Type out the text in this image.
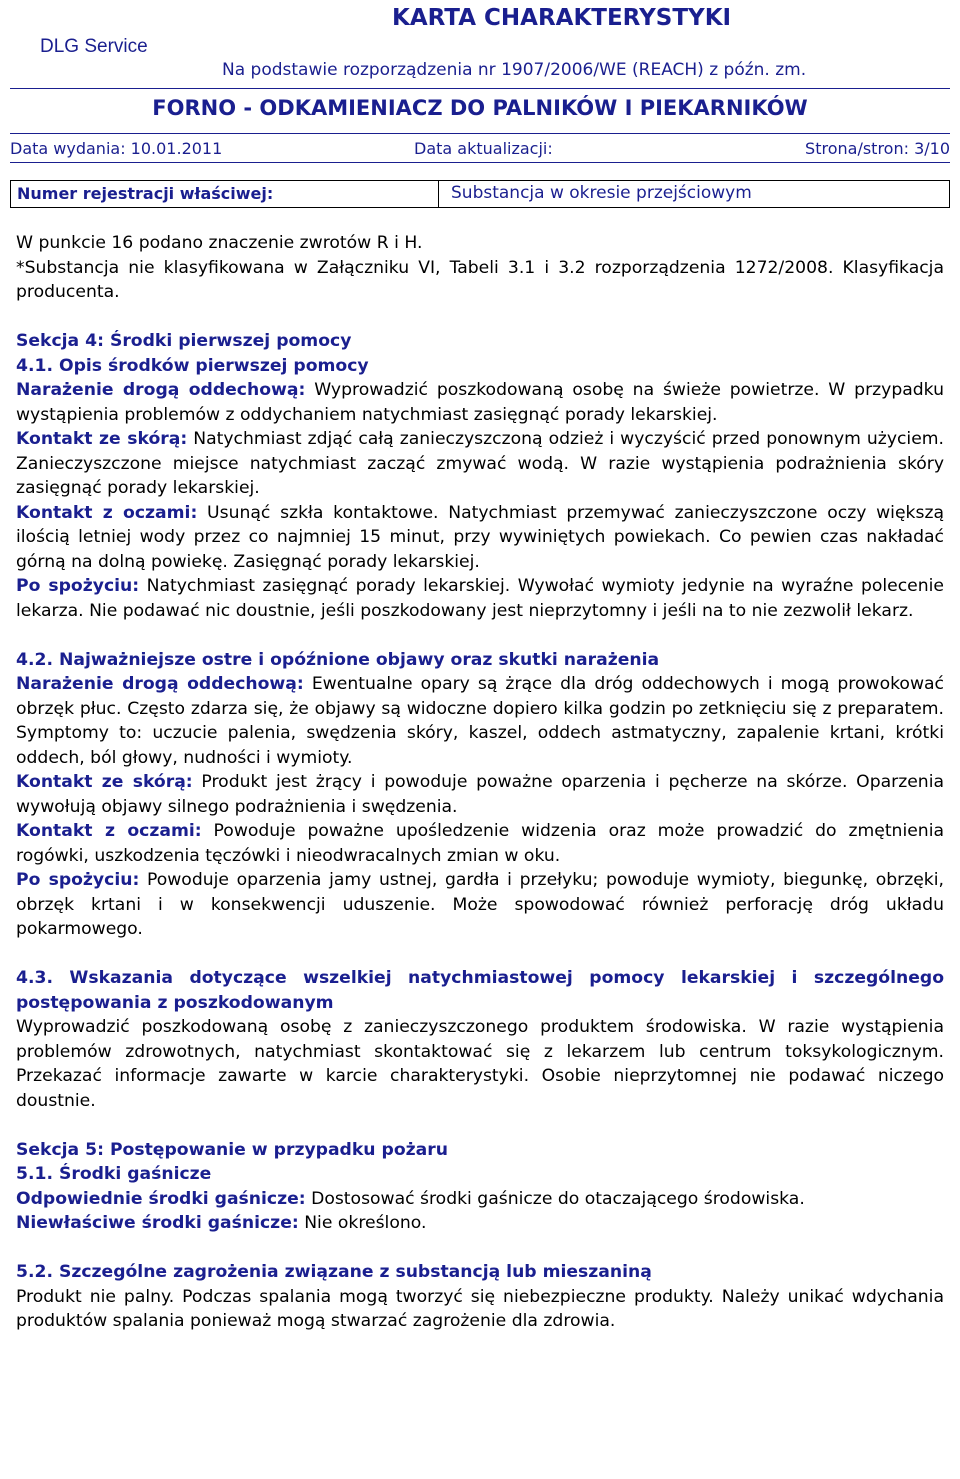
DLG Service
KARTA CHARAKTERYSTYKI
Na podstawie rozporządzenia nr 1907/2006/WE (REACH) z późn. zm.
FORNO - ODKAMIENIACZ DO PALNIKÓW I PIEKARNIKÓW
Data wydania: 10.01.2011	Data aktualizacji:	Strona/stron: 3/10
Numer rejestracji właściwej:	Substancja w okresie przejściowym

W punkcie 16 podano znaczenie zwrotów R i H.

*Substancja nie klasyfikowana w Załączniku VI, Tabeli 3.1 i 3.2 rozporządzenia 1272/2008. Klasyfikacja producenta.

Sekcja 4: Środki pierwszej pomocy

4.1. Opis środków pierwszej pomocy

Narażenie drogą oddechową: Wyprowadzić poszkodowaną osobę na świeże powietrze. W przypadku wystąpienia problemów z oddychaniem natychmiast zasięgnąć porady lekarskiej.

Kontakt ze skórą: Natychmiast zdjąć całą zanieczyszczoną odzież i wyczyścić przed ponownym użyciem. Zanieczyszczone miejsce natychmiast zacząć zmywać wodą. W razie wystąpienia podrażnienia skóry zasięgnąć porady lekarskiej.

Kontakt z oczami: Usunąć szkła kontaktowe. Natychmiast przemywać zanieczyszczone oczy większą ilością letniej wody przez co najmniej 15 minut, przy wywiniętych powiekach. Co pewien czas nakładać górną na dolną powiekę. Zasięgnąć porady lekarskiej.

Po spożyciu: Natychmiast zasięgnąć porady lekarskiej. Wywołać wymioty jedynie na wyraźne polecenie lekarza. Nie podawać nic doustnie, jeśli poszkodowany jest nieprzytomny i jeśli na to nie zezwolił lekarz.

4.2. Najważniejsze ostre i opóźnione objawy oraz skutki narażenia

Narażenie drogą oddechową: Ewentualne opary są żrące dla dróg oddechowych i mogą prowokować obrzęk płuc. Często zdarza się, że objawy są widoczne dopiero kilka godzin po zetknięciu się z preparatem. Symptomy to: uczucie palenia, swędzenia skóry, kaszel, oddech astmatyczny, zapalenie krtani, krótki oddech, ból głowy, nudności i wymioty.

Kontakt ze skórą: Produkt jest żrący i powoduje poważne oparzenia i pęcherze na skórze. Oparzenia wywołują objawy silnego podrażnienia i swędzenia.

Kontakt z oczami: Powoduje poważne upośledzenie widzenia oraz może prowadzić do zmętnienia rogówki, uszkodzenia tęczówki i nieodwracalnych zmian w oku.

Po spożyciu: Powoduje oparzenia jamy ustnej, gardła i przełyku; powoduje wymioty, biegunkę, obrzęki, obrzęk krtani i w konsekwencji uduszenie. Może spowodować również perforację dróg układu pokarmowego.

4.3. Wskazania dotyczące wszelkiej natychmiastowej pomocy lekarskiej i szczególnego postępowania z poszkodowanym

Wyprowadzić poszkodowaną osobę z zanieczyszczonego produktem środowiska. W razie wystąpienia problemów zdrowotnych, natychmiast skontaktować się z lekarzem lub centrum toksykologicznym. Przekazać informacje zawarte w karcie charakterystyki. Osobie nieprzytomnej nie podawać niczego doustnie.

Sekcja 5: Postępowanie w przypadku pożaru

5.1. Środki gaśnicze

Odpowiednie środki gaśnicze: Dostosować środki gaśnicze do otaczającego środowiska.

Niewłaściwe środki gaśnicze: Nie określono.

5.2. Szczególne zagrożenia związane z substancją lub mieszaniną

Produkt nie palny. Podczas spalania mogą tworzyć się niebezpieczne produkty. Należy unikać wdychania produktów spalania ponieważ mogą stwarzać zagrożenie dla zdrowia.
